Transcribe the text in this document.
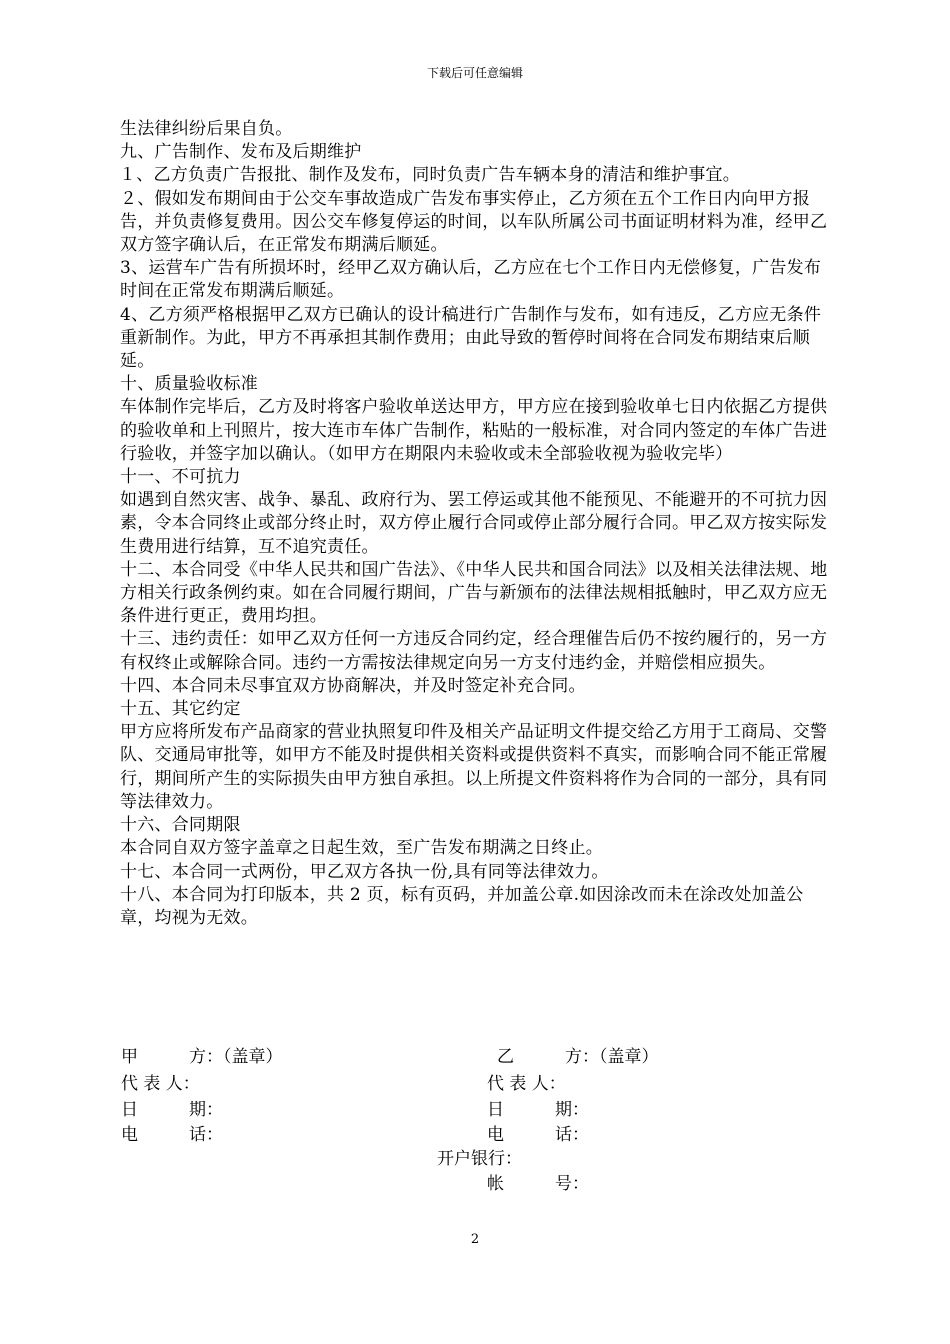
下载后可任意编辑

生法律纠纷后果自负。

九、广告制作、发布及后期维护

１、乙方负责广告报批、制作及发布，同时负责广告车辆本身的清洁和维护事宜。

２、假如发布期间由于公交车事故造成广告发布事实停止，乙方须在五个工作日内向甲方报告，并负责修复费用。因公交车修复停运的时间，以车队所属公司书面证明材料为准，经甲乙双方签字确认后，在正常发布期满后顺延。

3、运营车广告有所损坏时，经甲乙双方确认后，乙方应在七个工作日内无偿修复，广告发布时间在正常发布期满后顺延。

4、乙方须严格根据甲乙双方已确认的设计稿进行广告制作与发布，如有违反，乙方应无条件重新制作。为此，甲方不再承担其制作费用；由此导致的暂停时间将在合同发布期结束后顺延。

十、质量验收标准

车体制作完毕后，乙方及时将客户验收单送达甲方，甲方应在接到验收单七日内依据乙方提供的验收单和上刊照片，按大连市车体广告制作，粘贴的一般标准，对合同内签定的车体广告进行验收，并签字加以确认。（如甲方在期限内未验收或未全部验收视为验收完毕）

十一、不可抗力

如遇到自然灾害、战争、暴乱、政府行为、罢工停运或其他不能预见、不能避开的不可抗力因素，令本合同终止或部分终止时，双方停止履行合同或停止部分履行合同。甲乙双方按实际发生费用进行结算，互不追究责任。

十二、本合同受《中华人民共和国广告法》、《中华人民共和国合同法》以及相关法律法规、地方相关行政条例约束。如在合同履行期间，广告与新颁布的法律法规相抵触时，甲乙双方应无条件进行更正，费用均担。

十三、违约责任：如甲乙双方任何一方违反合同约定，经合理催告后仍不按约履行的，另一方有权终止或解除合同。违约一方需按法律规定向另一方支付违约金，并赔偿相应损失。

十四、本合同未尽事宜双方协商解决，并及时签定补充合同。

十五、其它约定

甲方应将所发布产品商家的营业执照复印件及相关产品证明文件提交给乙方用于工商局、交警队、交通局审批等，如甲方不能及时提供相关资料或提供资料不真实，而影响合同不能正常履行，期间所产生的实际损失由甲方独自承担。以上所提文件资料将作为合同的一部分，具有同等法律效力。

十六、合同期限

本合同自双方签字盖章之日起生效，至广告发布期满之日终止。

十七、本合同一式两份，甲乙双方各执一份,具有同等法律效力。

十八、本合同为打印版本，共 2 页，标有页码，并加盖公章.如因涂改而未在涂改处加盖公章，均视为无效。

甲　　　方：（盖章）	乙　　　方：（盖章）
代 表 人：	代 表 人：
日　　　期：	日　　　期：
电　　　话：	电　　　话：
开户银行：
帐　　　号：
2
